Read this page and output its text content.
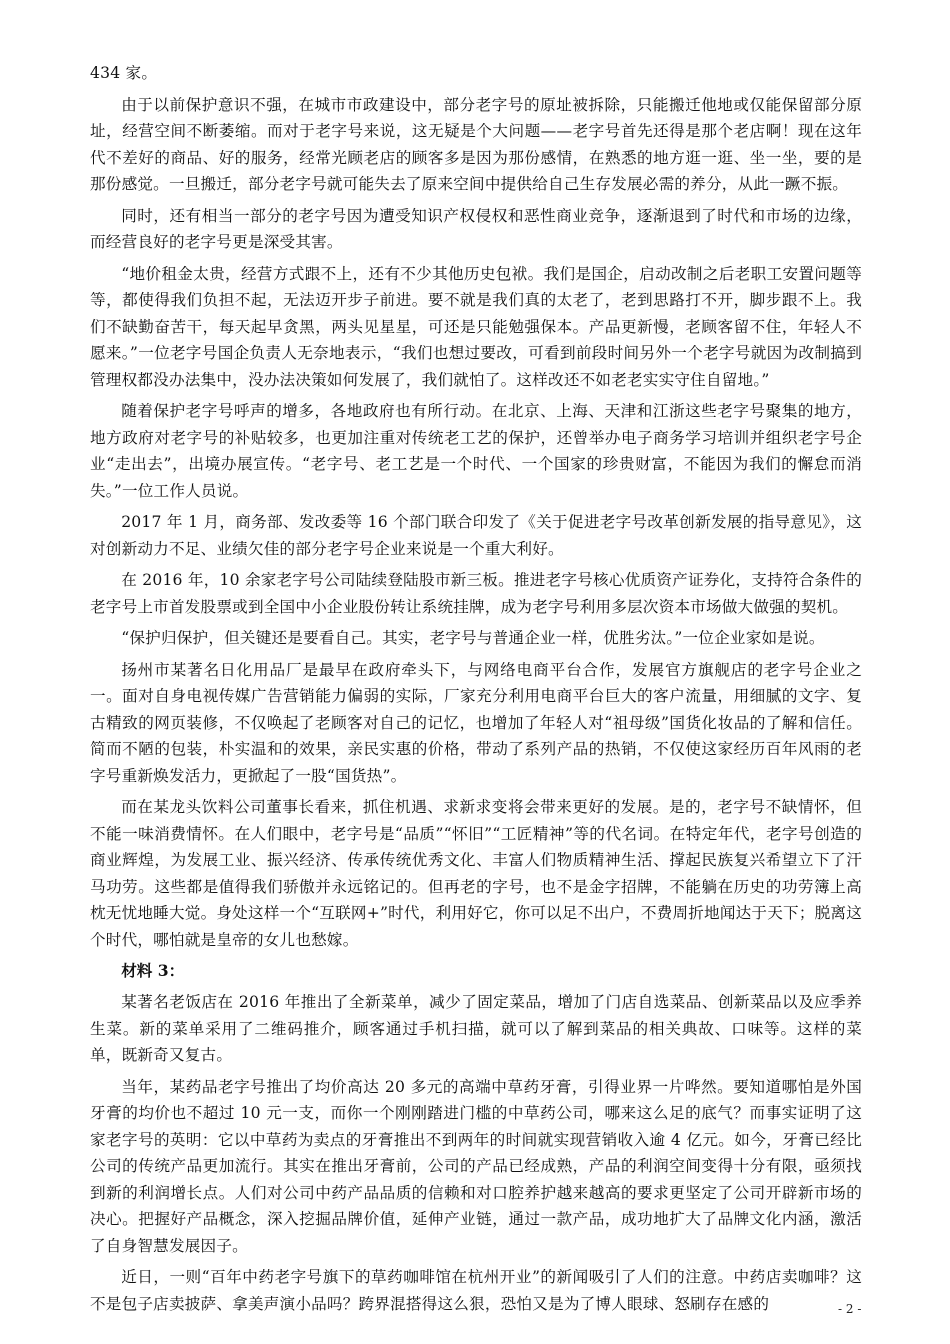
434 家。

由于以前保护意识不强，在城市市政建设中，部分老字号的原址被拆除，只能搬迁他地或仅能保留部分原址，经营空间不断萎缩。而对于老字号来说，这无疑是个大问题——老字号首先还得是那个老店啊！现在这年代不差好的商品、好的服务，经常光顾老店的顾客多是因为那份感情，在熟悉的地方逛一逛、坐一坐，要的是那份感觉。一旦搬迁，部分老字号就可能失去了原来空间中提供给自己生存发展必需的养分，从此一蹶不振。

同时，还有相当一部分的老字号因为遭受知识产权侵权和恶性商业竞争，逐渐退到了时代和市场的边缘，而经营良好的老字号更是深受其害。

“地价租金太贵，经营方式跟不上，还有不少其他历史包袱。我们是国企，启动改制之后老职工安置问题等等，都使得我们负担不起，无法迈开步子前进。要不就是我们真的太老了，老到思路打不开，脚步跟不上。我们不缺勤奋苦干，每天起早贪黑，两头见星星，可还是只能勉强保本。产品更新慢，老顾客留不住，年轻人不愿来。”一位老字号国企负责人无奈地表示，“我们也想过要改，可看到前段时间另外一个老字号就因为改制搞到管理权都没办法集中，没办法决策如何发展了，我们就怕了。这样改还不如老老实实守住自留地。”

随着保护老字号呼声的增多，各地政府也有所行动。在北京、上海、天津和江浙这些老字号聚集的地方，地方政府对老字号的补贴较多，也更加注重对传统老工艺的保护，还曾举办电子商务学习培训并组织老字号企业“走出去”，出境办展宣传。“老字号、老工艺是一个时代、一个国家的珍贵财富，不能因为我们的懈怠而消失。”一位工作人员说。

2017 年 1 月，商务部、发改委等 16 个部门联合印发了《关于促进老字号改革创新发展的指导意见》，这对创新动力不足、业绩欠佳的部分老字号企业来说是一个重大利好。

在 2016 年，10 余家老字号公司陆续登陆股市新三板。推进老字号核心优质资产证券化，支持符合条件的老字号上市首发股票或到全国中小企业股份转让系统挂牌，成为老字号利用多层次资本市场做大做强的契机。

“保护归保护，但关键还是要看自己。其实，老字号与普通企业一样，优胜劣汰。”一位企业家如是说。

扬州市某著名日化用品厂是最早在政府牵头下，与网络电商平台合作，发展官方旗舰店的老字号企业之一。面对自身电视传媒广告营销能力偏弱的实际，厂家充分利用电商平台巨大的客户流量，用细腻的文字、复古精致的网页装修，不仅唤起了老顾客对自己的记忆，也增加了年轻人对“祖母级”国货化妆品的了解和信任。简而不陋的包装，朴实温和的效果，亲民实惠的价格，带动了系列产品的热销，不仅使这家经历百年风雨的老字号重新焕发活力，更掀起了一股“国货热”。

而在某龙头饮料公司董事长看来，抓住机遇、求新求变将会带来更好的发展。是的，老字号不缺情怀，但不能一味消费情怀。在人们眼中，老字号是“品质”“怀旧”“工匠精神”等的代名词。在特定年代，老字号创造的商业辉煌，为发展工业、振兴经济、传承传统优秀文化、丰富人们物质精神生活、撑起民族复兴希望立下了汗马功劳。这些都是值得我们骄傲并永远铭记的。但再老的字号，也不是金字招牌，不能躺在历史的功劳簿上高枕无忧地睡大觉。身处这样一个“互联网+”时代，利用好它，你可以足不出户，不费周折地闻达于天下；脱离这个时代，哪怕就是皇帝的女儿也愁嫁。

材料 3：

某著名老饭店在 2016 年推出了全新菜单，减少了固定菜品，增加了门店自选菜品、创新菜品以及应季养生菜。新的菜单采用了二维码推介，顾客通过手机扫描，就可以了解到菜品的相关典故、口味等。这样的菜单，既新奇又复古。

当年，某药品老字号推出了均价高达 20 多元的高端中草药牙膏，引得业界一片哗然。要知道哪怕是外国牙膏的均价也不超过 10 元一支，而你一个刚刚踏进门槛的中草药公司，哪来这么足的底气？而事实证明了这家老字号的英明：它以中草药为卖点的牙膏推出不到两年的时间就实现营销收入逾 4 亿元。如今，牙膏已经比公司的传统产品更加流行。其实在推出牙膏前，公司的产品已经成熟，产品的利润空间变得十分有限，亟须找到新的利润增长点。人们对公司中药产品品质的信赖和对口腔养护越来越高的要求更坚定了公司开辟新市场的决心。把握好产品概念，深入挖掘品牌价值，延伸产业链，通过一款产品，成功地扩大了品牌文化内涵，激活了自身智慧发展因子。

近日，一则“百年中药老字号旗下的草药咖啡馆在杭州开业”的新闻吸引了人们的注意。中药店卖咖啡？这不是包子店卖披萨、拿美声演小品吗？跨界混搭得这么狠，恐怕又是为了博人眼球、怒刷存在感的	- 2 -
